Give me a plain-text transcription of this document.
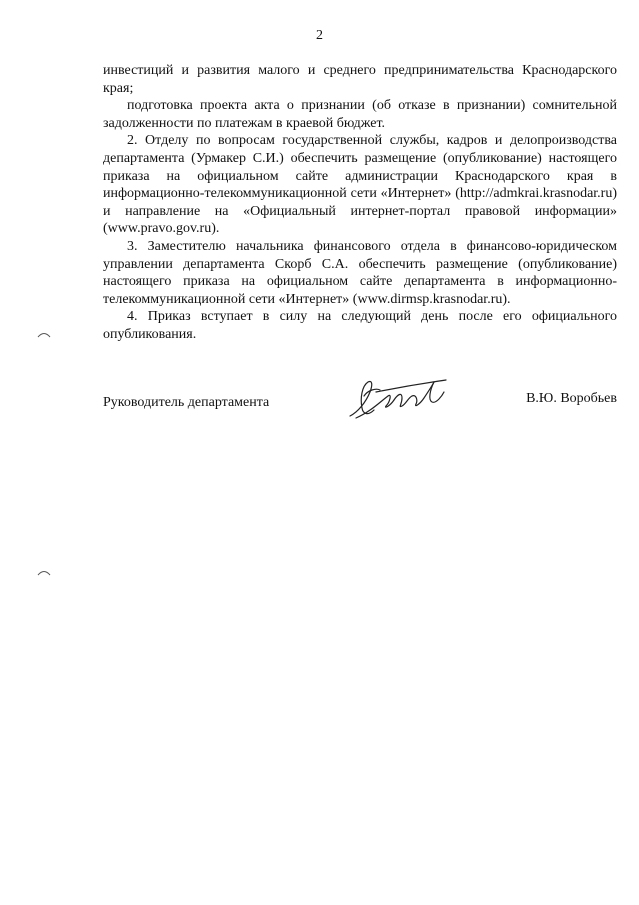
2

инвестиций и развития малого и среднего предпринимательства Краснодарского края;

подготовка проекта акта о признании (об отказе в признании) сомнительной задолженности по платежам в краевой бюджет.

2. Отделу по вопросам государственной службы, кадров и делопроизводства департамента (Урмакер С.И.) обеспечить размещение (опубликование) настоящего приказа на официальном сайте администрации Краснодарского края в информационно-телекоммуникационной сети «Интернет» (http://admkrai.krasnodar.ru) и направление на «Официальный интернет-портал правовой информации» (www.pravo.gov.ru).

3. Заместителю начальника финансового отдела в финансово-юридическом управлении департамента Скорб С.А. обеспечить размещение (опубликование) настоящего приказа на официальном сайте департамента в информационно-телекоммуникационной сети «Интернет» (www.dirmsp.krasnodar.ru).

4. Приказ вступает в силу на следующий день после его официального опубликования.

Руководитель департамента	В.Ю. Воробьев
